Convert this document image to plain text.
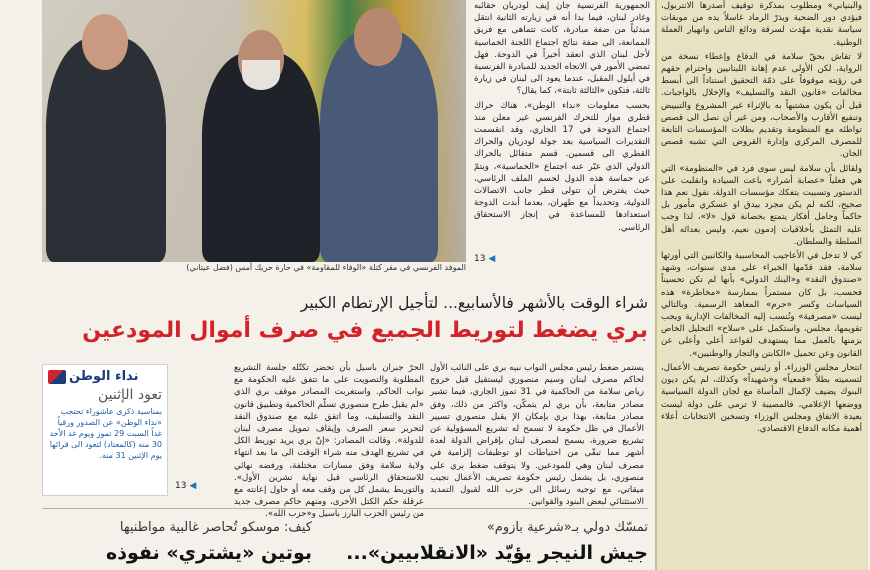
والبنياني» ومطلوب بمذكرة توقيف أصدرها الانتربول، فيؤدي دور الضحية ويذرّ الرماد غاسلاً يده من موبقات سياسة نقدية مهّدت لسرقة ودائع الناس وانهيار العملة الوطنية.

لا تقاش بحقّ سلامة في الدفاع وإعطاء نسخة من الرواية، لكن الأولى عدم إهانة اللبنانيين واحترام حقهم في رؤيته موقوفاً على ذمّة التحقيق استناداً الى أبسط مخالفات «قانون النقد والتسليف» والإخلال بالواجبات. قبل أن يكون مشتبهاً به بالإثراء غير المشروع والتبييض وتنفيع الأقارب والأصحاب، ومن غير أن نصل الى قصص تواطئه مع المنظومة وتقديم بطلات المؤسسات التابعة للمصرف المركزي وإدارة القروض التي تشبه قصص الجان.

ولقائل بأن سلامة ليس سوى فرد في «المنظومة» التي هي فعلياً «عصابة أشرار» باعت السيادة وانقلبت على الدستور وتسببت بتفكك مؤسسات الدولة، نقول نعم هذا صحيح، لكنه لم يكن مجرد بيدق او عسكري مأمور بل حاكماً وحامل أفكار يتمتع بحصانة قول «لا»، لذا وجب عليه التمثل بأخلاقيات إدمون نعيم، وليس بعدائه أهل السلطة والسلطان.

كي لا تدخل في الأعاجيب المحاسبية والكاتبين التي أورثها سلامة، فقد قدّمها الخبراء على مدى سنوات، وشهد «صندوق النقد» و«البنك الدولي» بأنها لم تكن تحسيناً فحسب، بل كان مستمراً بممارسة «مخاطرة» هذه السياسات وكسر «حرم» المعاهد الرسمية. وبالتالي ليست «مصرفية» وتُنسب إليه المخالفات الإدارية ويجب تقويمها، مجلس، واستكمل على «سلاح» التحليل الخاص بزمنها بالعمل مما يستهدف لقواعد أعلى وأعلى عن القانون وعن تحميل «الكابتن والتجار والوطنيين».

انتحار مجلس الوزراء، أو رئيس حكومة تصريف الأعمال، لتسميته بطلاً «قمعياً» و«شهيداً» وكذلك، لم يكن ديون البنوك يضيف لإكمال المأساة مع لجان الدولة السياسية ووضعها الإعلامي، فالمصيبة لا ترمى على دولة ليست بعيدة الاتفاق ومجلس الوزراء وتسخين الانتخابات أعلاء أهمية مكانه الدفاع الاقتصادي.

الجمهورية الفرنسية جان إيف لودريان حقائبه وغادر لبنان، فيما بدا أنه في زيارته الثانية انتقل مبدئياً من ضفة مبادرة، كانت تتماهى مع فريق الممانعة، الى ضفة نتائج اجتماع اللجنة الخماسية لأجل لبنان الذي انعقد أخيراً في الدوحة. فهل تمضي الأمور في الاتجاه الجديد للمبادرة الفرنسية في أيلول المقبل، عندما يعود الى لبنان في زيارة ثالثة، فتكون «الثالثة ثابتة»، كما يقال؟

بحسب معلومات «نداء الوطن»، هناك حراك قطري مواز للتحرك الفرنسي غير معلن منذ اجتماع الدوحة في 17 الجاري، وقد انقسمت التقديرات السياسية بعد جولة لودريان والحراك القطري الى قسمين. قسم متفائل بالحراك الدولي الذي عبّر عنه اجتماع «الخماسية»، ويتمّ عن حماسة هذه الدول لحسم الملف الرئاسي، حيث يفترض أن تتولى قطر جانب الاتصالات الدولية، وتحديداً مع طهران، بعدما أبدت الدوحة استعدادها للمساعدة في إنجاز الاستحقاق الرئاسي.

13 ◀
الموفد الفرنسي في مقر كتلة «الوفاء للمقاومة» في حارة حريك أمس (فضل عيتاني)
شراء الوقت بالأشهر فالأسابيع... لتأجيل الإرتطام الكبير
بري يضغط لتوريط الجميع في صرف أموال المودعين

يستمر ضغط رئيس مجلس النواب نبيه بري على النائب الأول لحاكم مصرف لبنان وسيم منصوري ليستقيل قبل خروج رياض سلامة من الحاكمية في 31 تموز الجاري، فيما تشير مصادر متابعة، بأن بري لم يتمكّن، واكثر من ذلك، وفق مصادر متابعة، بهذا بري بإمكان الإ يقبل منصوري تسيير الأعمال في ظل حكومة لا تسمح له تشريع المسؤولية عن تشريع ضرورة، يسمح لمصرف لبنان بإقراض الدولة لعدة أشهر مما تبقّى من احتياطات او توظيفات إلزامية في مصرف لبنان وهي للمودعين. ولا يتوقف ضغط بري على منصوري، بل يشمل رئيس حكومة تصريف الأعمال نجيب ميقاتي، مع توجيه رسائل الى حزب الله لقبول التمديد الاستثنائي لبعض البنود والقوانين.

الحرّ جبران باسيل بأن تحضر تكتّله جلسة التشريع المطلوبة والتصويت على ما تتفق عليه الحكومة مع نواب الحاكم. واستغربت المصادر موقف بري الذي «لم يقبل طرح منصوري تسلّم الحاكمية وتطبيق قانون النقد والتسليف، وما اتفق عليه مع صندوق النقد لتحرير سعر الصرف وإيقاف تمويل مصرف لبنان للدولة». وقالت المصادر: «إنّ بري يريد توريط الكل في تشريع الهدف منه شراء الوقت الى ما بعد انتهاء ولاية سلامة وفق مسارات مختلفة، ورفضه نهائي للاستحقاق الرئاسي قبل نهاية تشرين الأول». والتوريط يشمل كل من وقف معه أو حاول إعانته مع عرقلة حكم الكتل الأخرى، ومنهم حاكم مصرف جديد من رئيس الحزب البارز باسيل و«حزب الله».

13 ◀
نداء الوطن
تعود الإثنين
بمناسبة ذكرى عاشوراء تحتجب «نداء الوطن» عن الصدور ورقياً غداً السبت 29 تموز ويوم غد الأحد 30 منه (كالمعتاد) لتعود الى قرائها يوم الإثنين 31 منه.
تمسّك دولي بـ«شرعية بازوم»
جيش النيجر يؤيّد «الانقلابيين»...
كيف: موسكو تُحاصر غالبية مواطنيها
بوتين «يشتري» نفوذه
